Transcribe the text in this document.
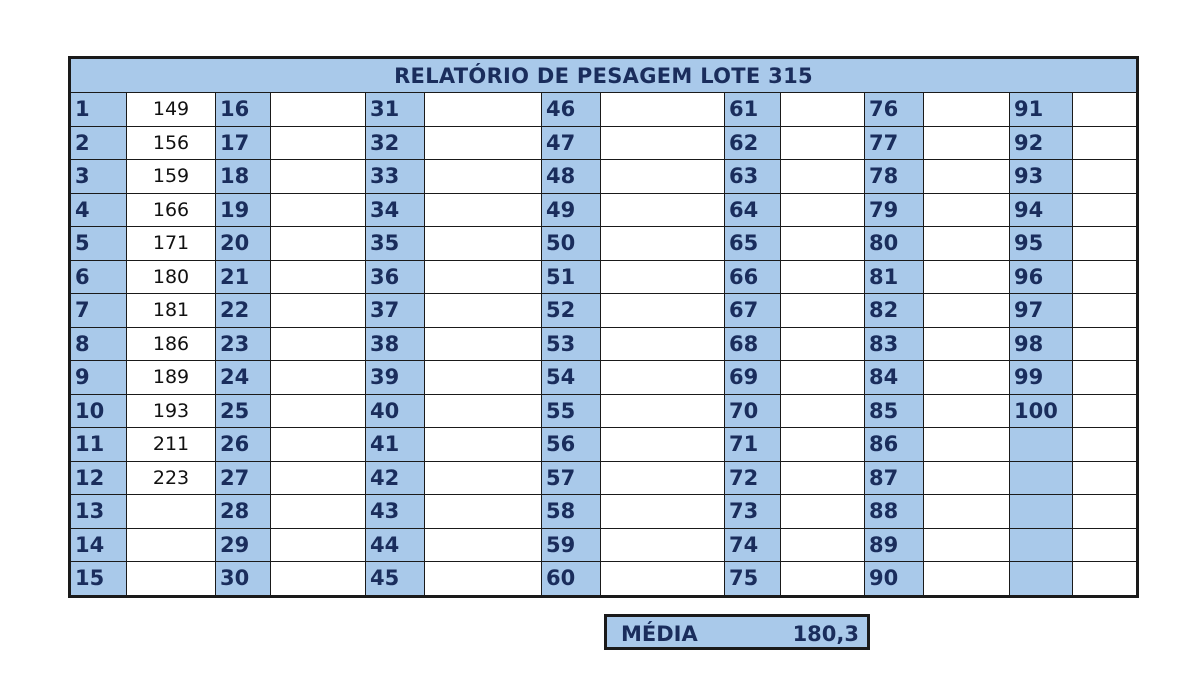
RELATÓRIO DE PESAGEM LOTE 315													
1	149	16		31		46		61		76		91	
2	156	17		32		47		62		77		92	
3	159	18		33		48		63		78		93	
4	166	19		34		49		64		79		94	
5	171	20		35		50		65		80		95	
6	180	21		36		51		66		81		96	
7	181	22		37		52		67		82		97	
8	186	23		38		53		68		83		98	
9	189	24		39		54		69		84		99	
10	193	25		40		55		70		85		100	
11	211	26		41		56		71		86			
12	223	27		42		57		72		87			
13		28		43		58		73		88			
14		29		44		59		74		89			
15		30		45		60		75		90			
MÉDIA	180,3
